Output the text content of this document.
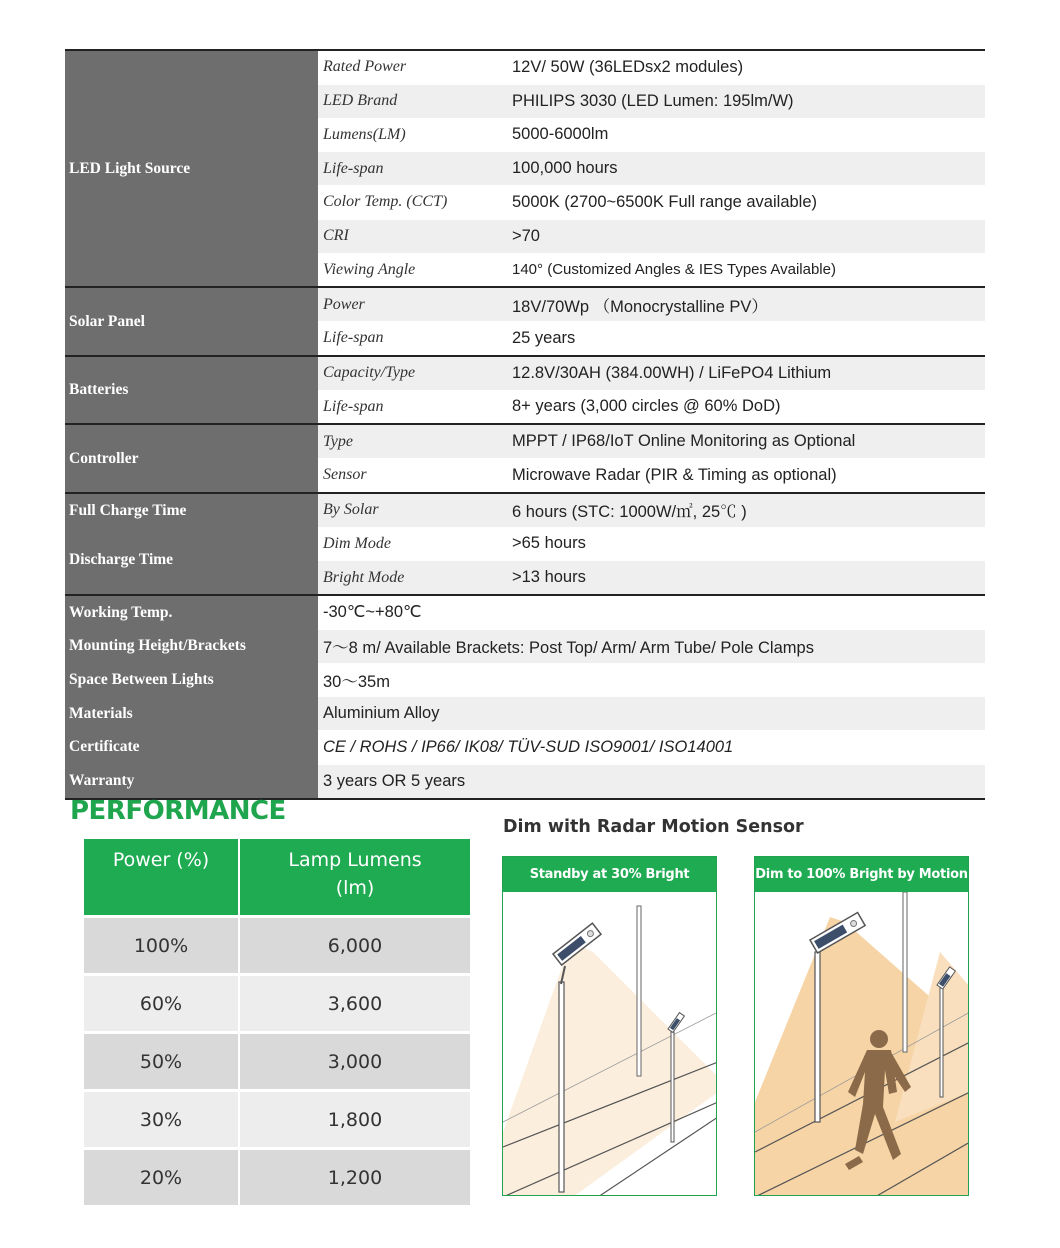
LED Light Source	Rated Power	12V/ 50W (36LEDsx2 modules)
	LED Brand	PHILIPS 3030 (LED Lumen: 195lm/W)
	Lumens(LM)	5000-6000lm
	Life-span	100,000 hours
	Color Temp. (CCT)	5000K (2700~6500K Full range available)
	CRI	>70
	Viewing Angle	140° (Customized Angles & IES Types Available)
Solar Panel	Power	18V/70Wp （Monocrystalline PV）
	Life-span	25 years
Batteries	Capacity/Type	12.8V/30AH (384.00WH) / LiFePO4 Lithium
	Life-span	8+ years (3,000 circles @ 60% DoD)
Controller	Type	MPPT / IP68/IoT Online Monitoring as Optional
	Sensor	Microwave Radar (PIR & Timing as optional)

Full Charge Time
Discharge Time	By Solar	6 hours (STC: 1000W/㎡, 25℃ )
	Dim Mode	>65 hours
	Bright Mode	>13 hours
Working Temp.	-30℃~+80℃	
Mounting Height/Brackets	7～8 m/ Available Brackets: Post Top/ Arm/ Arm Tube/ Pole Clamps	
Space Between Lights	30～35m	
Materials	Aluminium Alloy	
Certificate	CE / ROHS / IP66/ IK08/ TÜV-SUD ISO9001/ ISO14001	
Warranty	3 years OR 5 years	
PERFORMANCE
Power (%)	Lamp Lumens
(lm)
100%	6,000
60%	3,600
50%	3,000
30%	1,800
20%	1,200
Dim with Radar Motion Sensor
Standby at 30% Bright	Dim to 100% Bright by Motion
